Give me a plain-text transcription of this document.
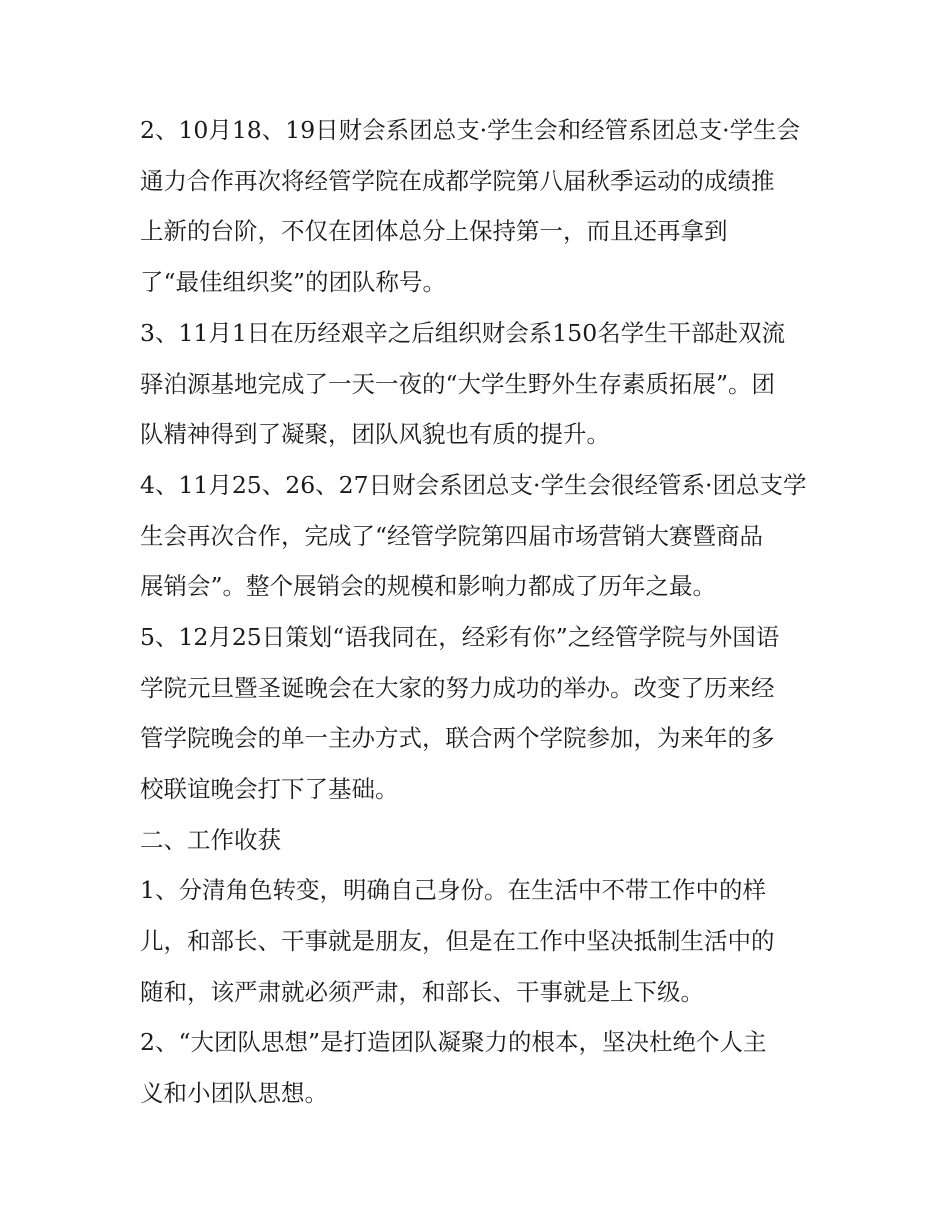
2、10月18、19日财会系团总支·学生会和经管系团总支·学生会

通力合作再次将经管学院在成都学院第八届秋季运动的成绩推

上新的台阶，不仅在团体总分上保持第一，而且还再拿到

了“最佳组织奖”的团队称号。

3、11月1日在历经艰辛之后组织财会系150名学生干部赴双流

驿泊源基地完成了一天一夜的“大学生野外生存素质拓展”。团

队精神得到了凝聚，团队风貌也有质的提升。

4、11月25、26、27日财会系团总支·学生会很经管系·团总支学

生会再次合作，完成了“经管学院第四届市场营销大赛暨商品

展销会”。整个展销会的规模和影响力都成了历年之最。

5、12月25日策划“语我同在，经彩有你”之经管学院与外国语

学院元旦暨圣诞晚会在大家的努力成功的举办。改变了历来经

管学院晚会的单一主办方式，联合两个学院参加，为来年的多

校联谊晚会打下了基础。

二、工作收获

1、分清角色转变，明确自己身份。在生活中不带工作中的样

儿，和部长、干事就是朋友，但是在工作中坚决抵制生活中的

随和，该严肃就必须严肃，和部长、干事就是上下级。

2、“大团队思想”是打造团队凝聚力的根本，坚决杜绝个人主

义和小团队思想。
